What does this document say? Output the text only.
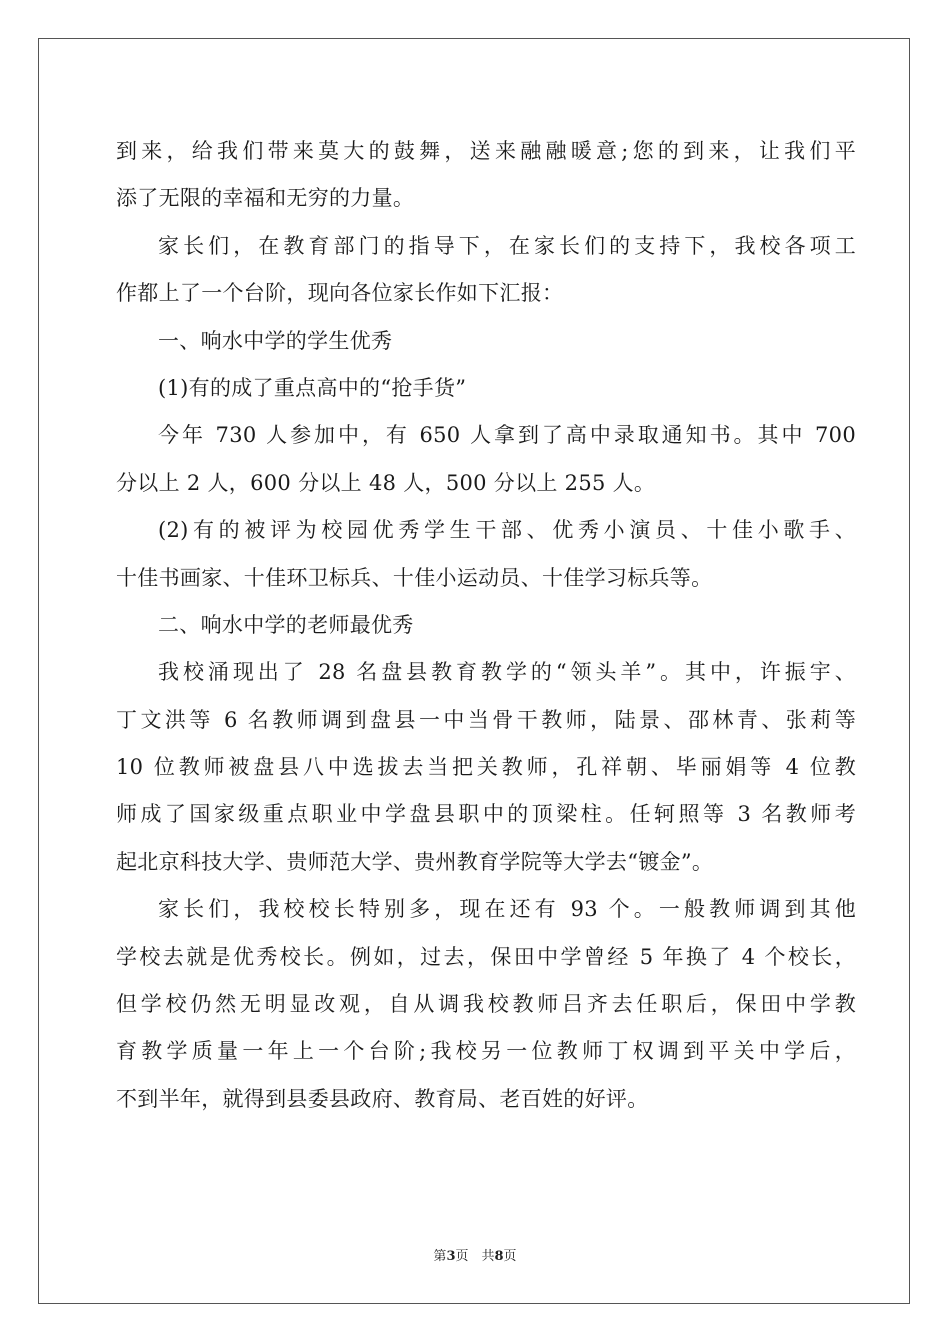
到来，给我们带来莫大的鼓舞，送来融融暖意;您的到来，让我们平
添了无限的幸福和无穷的力量。
家长们，在教育部门的指导下，在家长们的支持下，我校各项工
作都上了一个台阶，现向各位家长作如下汇报：
一、响水中学的学生优秀
(1)有的成了重点高中的“抢手货”
今年 730 人参加中，有 650 人拿到了高中录取通知书。其中 700
分以上 2 人，600 分以上 48 人，500 分以上 255 人。
(2)有的被评为校园优秀学生干部、优秀小演员、十佳小歌手、
十佳书画家、十佳环卫标兵、十佳小运动员、十佳学习标兵等。
二、响水中学的老师最优秀
我校涌现出了 28 名盘县教育教学的“领头羊”。其中，许振宇、
丁文洪等 6 名教师调到盘县一中当骨干教师，陆景、邵林青、张莉等
10 位教师被盘县八中选拔去当把关教师，孔祥朝、毕丽娟等 4 位教
师成了国家级重点职业中学盘县职中的顶梁柱。任轲照等 3 名教师考
起北京科技大学、贵师范大学、贵州教育学院等大学去“镀金”。
家长们，我校校长特别多，现在还有 93 个。一般教师调到其他
学校去就是优秀校长。例如，过去，保田中学曾经 5 年换了 4 个校长，
但学校仍然无明显改观，自从调我校教师吕齐去任职后，保田中学教
育教学质量一年上一个台阶;我校另一位教师丁权调到平关中学后，
不到半年，就得到县委县政府、教育局、老百姓的好评。
第3页　共8页
